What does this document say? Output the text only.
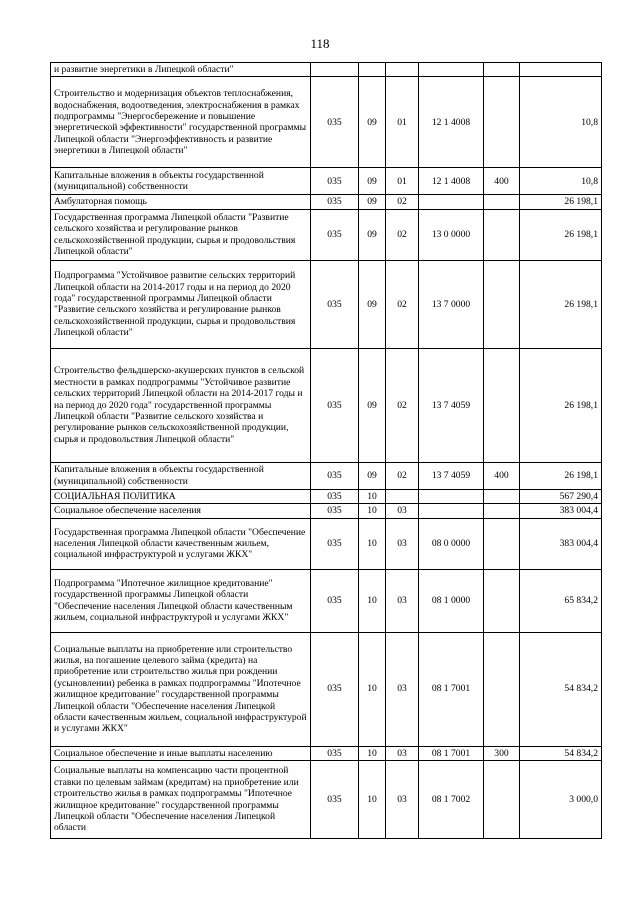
118
и развитие энергетики в Липецкой области"						
Строительство и модернизация объектов теплоснабжения, водоснабжения, водоотведения, электроснабжения в рамках подпрограммы "Энергосбережение и повышение энергетической эффективности" государственной программы Липецкой области "Энергоэффективность и развитие энергетики в Липецкой области"	035	09	01	12 1 4008		10,8
Капитальные вложения в объекты государственной (муниципальной) собственности	035	09	01	12 1 4008	400	10,8
Амбулаторная помощь	035	09	02			26 198,1
Государственная программа Липецкой области "Развитие сельского хозяйства и регулирование рынков сельскохозяйственной продукции, сырья и продовольствия Липецкой области"	035	09	02	13 0 0000		26 198,1
Подпрограмма "Устойчивое развитие сельских территорий Липецкой области на 2014-2017 годы и на период до 2020 года" государственной программы Липецкой области "Развитие сельского хозяйства и регулирование рынков сельскохозяйственной продукции, сырья и продовольствия Липецкой области"	035	09	02	13 7 0000		26 198,1
Строительство фельдшерско-акушерских пунктов в сельской местности в рамках подпрограммы "Устойчивое развитие сельских территорий Липецкой области на 2014-2017 годы и на период до 2020 года" государственной программы Липецкой области "Развитие сельского хозяйства и регулирование рынков сельскохозяйственной продукции, сырья и продовольствия Липецкой области"	035	09	02	13 7 4059		26 198,1
Капитальные вложения в объекты государственной (муниципальной) собственности	035	09	02	13 7 4059	400	26 198,1
СОЦИАЛЬНАЯ ПОЛИТИКА	035	10				567 290,4
Социальное обеспечение населения	035	10	03			383 004,4
Государственная программа Липецкой области "Обеспечение населения Липецкой области качественным жильем, социальной инфраструктурой и услугами ЖКХ"	035	10	03	08 0 0000		383 004,4
Подпрограмма "Ипотечное жилищное кредитование" государственной программы Липецкой области "Обеспечение населения Липецкой области качественным жильем, социальной инфраструктурой и услугами ЖКХ"	035	10	03	08 1 0000		65 834,2
Социальные выплаты на приобретение или строительство жилья, на погашение целевого займа (кредита) на приобретение или строительство жилья при рождении (усыновлении) ребенка в рамках подпрограммы "Ипотечное жилищное кредитование" государственной программы Липецкой области "Обеспечение населения Липецкой области качественным жильем, социальной инфраструктурой и услугами ЖКХ"	035	10	03	08 1 7001		54 834,2
Социальное обеспечение и иные выплаты населению	035	10	03	08 1 7001	300	54 834,2
Социальные выплаты на компенсацию части процентной ставки по целевым займам (кредитам) на приобретение или строительство жилья в рамках подпрограммы "Ипотечное жилищное кредитование" государственной программы Липецкой области "Обеспечение населения Липецкой области	035	10	03	08 1 7002		3 000,0
